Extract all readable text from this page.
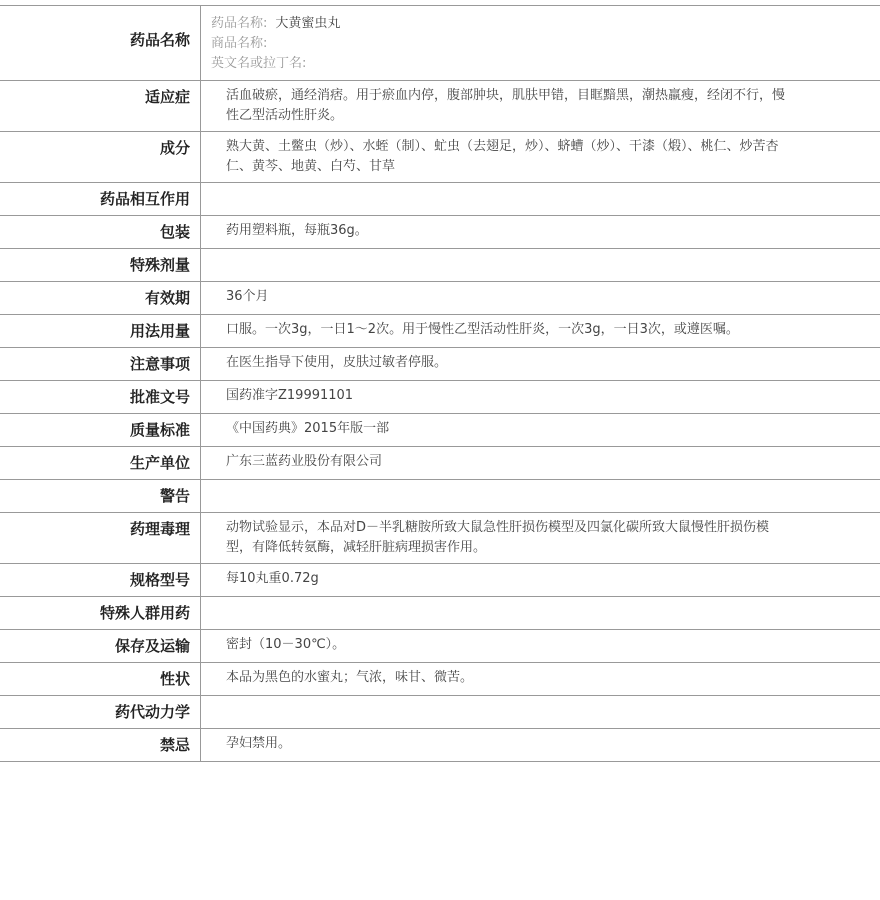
药品名称	药品名称: 大黄蜜虫丸
商品名称:
英文名或拉丁名:

适应症	活血破瘀，通经消痞。用于瘀血内停，腹部肿块，肌肤甲错，目眶黯黑，潮热羸瘦，经闭不行，慢性乙型活动性肝炎。
成分	熟大黄、土鳖虫（炒）、水蛭（制）、虻虫（去翅足，炒）、蛴螬（炒）、干漆（煅）、桃仁、炒苦杏仁、黄芩、地黄、白芍、甘草
药品相互作用	
包装	药用塑料瓶，每瓶36g。
特殊剂量	
有效期	36个月
用法用量	口服。一次3g，一日1～2次。用于慢性乙型活动性肝炎，一次3g，一日3次，或遵医嘱。
注意事项	在医生指导下使用，皮肤过敏者停服。
批准文号	国药准字Z19991101
质量标准	《中国药典》2015年版一部
生产单位	广东三蓝药业股份有限公司
警告	
药理毒理	动物试验显示，本品对D－半乳糖胺所致大鼠急性肝损伤模型及四氯化碳所致大鼠慢性肝损伤模型，有降低转氨酶，减轻肝脏病理损害作用。
规格型号	每10丸重0.72g
特殊人群用药	
保存及运输	密封（10－30℃）。
性状	本品为黑色的水蜜丸；气浓，味甘、微苦。
药代动力学	
禁忌	孕妇禁用。
